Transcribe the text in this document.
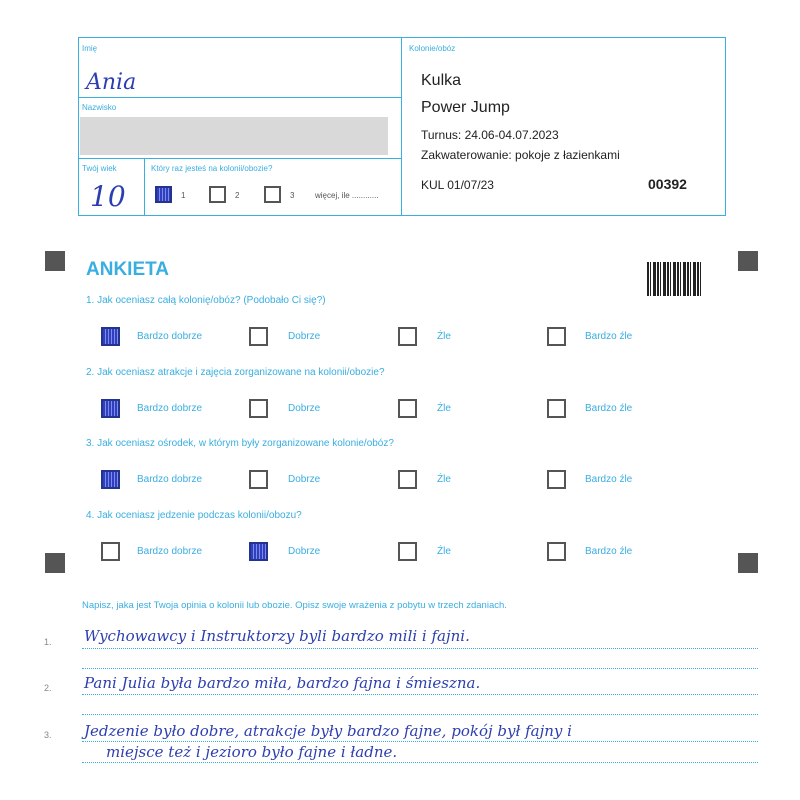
Imię
Ania
Nazwisko
Twój wiek
10
Który raz jesteś na kolonii/obozie?
1	2	3	więcej, ile ............
Kolonie/obóz
Kulka
Power Jump
Turnus: 24.06-04.07.2023
Zakwaterowanie: pokoje z łazienkami
KUL 01/07/23	00392
ANKIETA
1. Jak oceniasz całą kolonię/obóz? (Podobało Ci się?)
2. Jak oceniasz atrakcje i zajęcia zorganizowane na kolonii/obozie?
3. Jak oceniasz ośrodek, w którym były zorganizowane kolonie/obóz?
4. Jak oceniasz jedzenie podczas kolonii/obozu?
Bardzo dobrze	Dobrze	Źle	Bardzo źle
Bardzo dobrze	Dobrze	Źle	Bardzo źle
Bardzo dobrze	Dobrze	Źle	Bardzo źle
Bardzo dobrze	Dobrze	Źle	Bardzo źle
Napisz, jaka jest Twoja opinia o kolonii lub obozie. Opisz swoje wrażenia z pobytu w trzech zdaniach.
1.
2.
3.
Wychowawcy i Instruktorzy byli bardzo mili i fajni.
Pani Julia była bardzo miła, bardzo fajna i śmieszna.
Jedzenie było dobre, atrakcje były bardzo fajne, pokój był fajny i
miejsce też i jezioro było fajne i ładne.
